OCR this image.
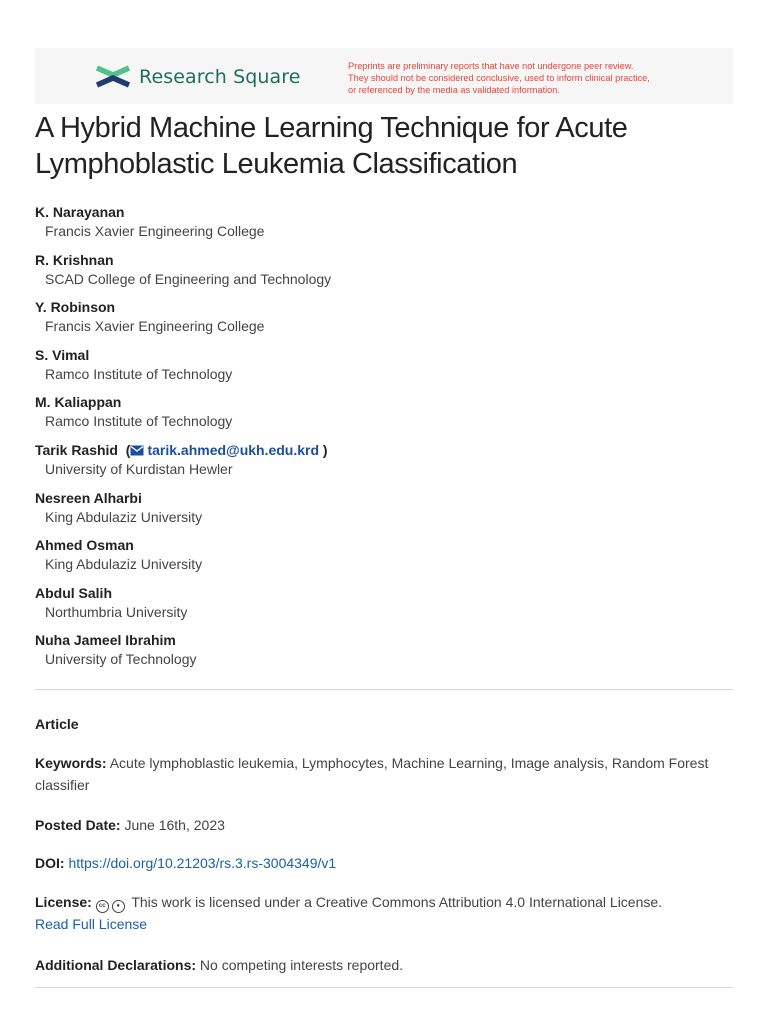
Research Square	Preprints are preliminary reports that have not undergone peer review.
They should not be considered conclusive, used to inform clinical practice,
or referenced by the media as validated information.
A Hybrid Machine Learning Technique for Acute Lymphoblastic Leukemia Classification
K. Narayanan
Francis Xavier Engineering College
R. Krishnan
SCAD College of Engineering and Technology
Y. Robinson
Francis Xavier Engineering College
S. Vimal
Ramco Institute of Technology
M. Kaliappan
Ramco Institute of Technology
Tarik Rashid  ( tarik.ahmed@ukh.edu.krd )
University of Kurdistan Hewler
Nesreen Alharbi
King Abdulaziz University
Ahmed Osman
King Abdulaziz University
Abdul Salih
Northumbria University
Nuha Jameel Ibrahim
University of Technology
Article
Keywords: Acute lymphoblastic leukemia, Lymphocytes, Machine Learning, Image analysis, Random Forest classifier
Posted Date: June 16th, 2023
DOI: https://doi.org/10.21203/rs.3.rs-3004349/v1
License: cc ● This work is licensed under a Creative Commons Attribution 4.0 International License.
Read Full License
Additional Declarations: No competing interests reported.
